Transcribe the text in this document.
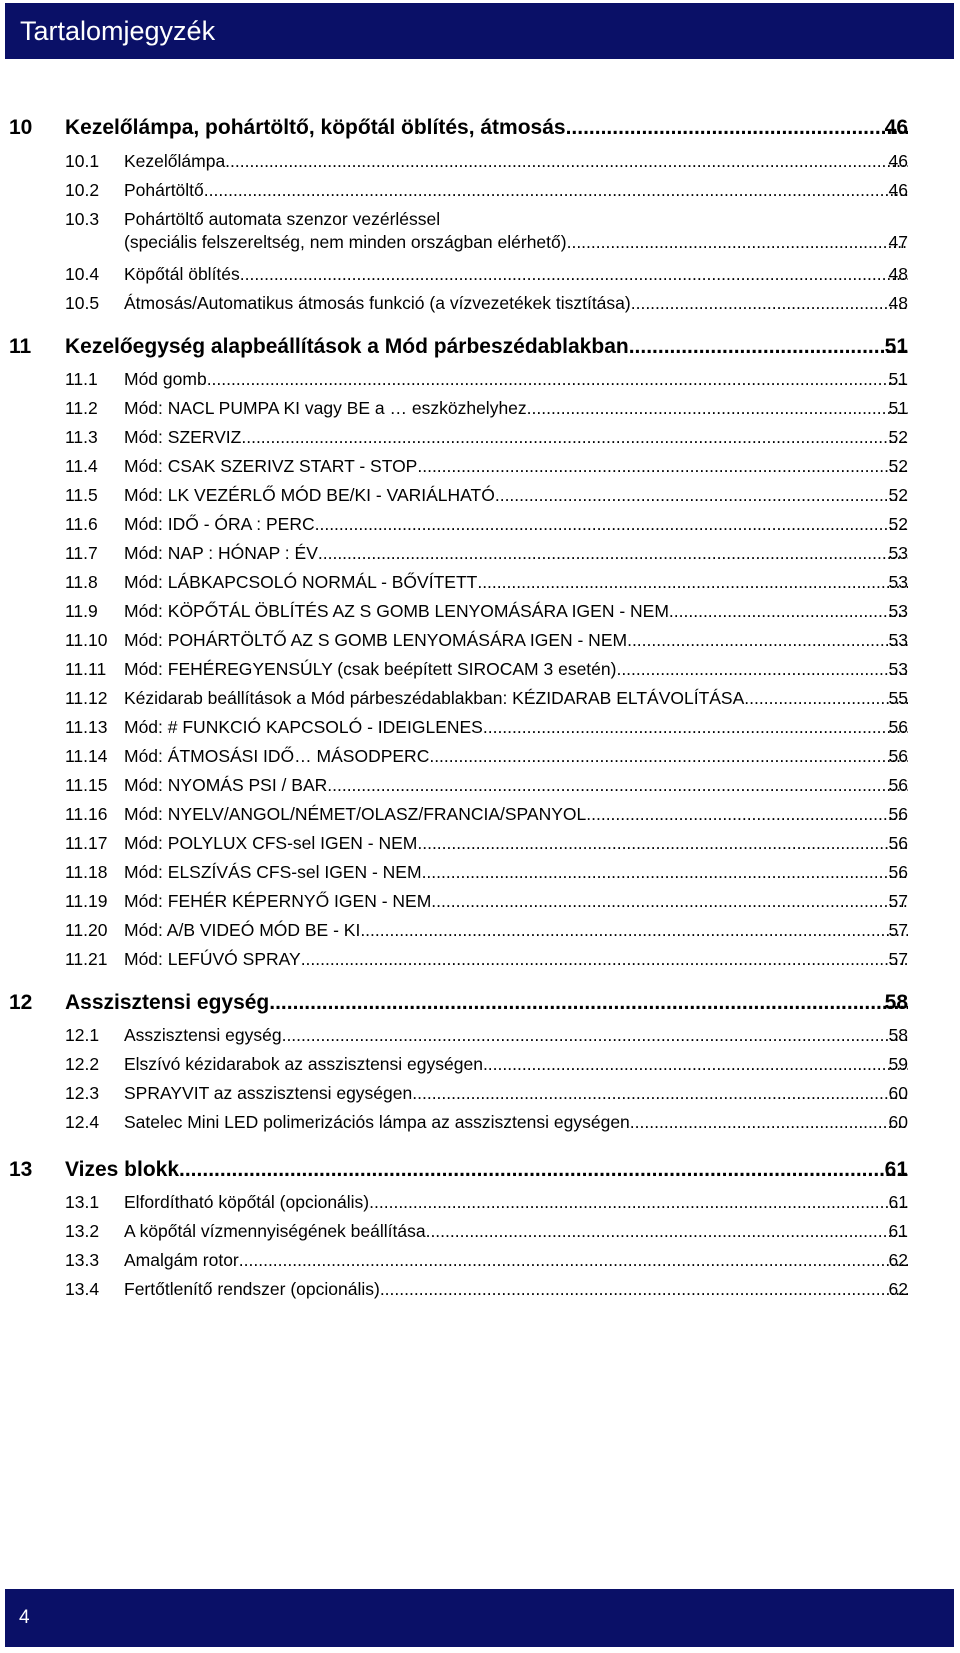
Tartalomjegyzék
10 Kezelőlámpa, pohártöltő, köpőtál öblítés, átmosás .....	46
10.1 Kezelőlámpa .....	46
10.2 Pohártöltő .....	46
10.3 Pohártöltő automata szenzor vezérléssel
(speciális felszereltség, nem minden országban elérhető) .....	47
10.4 Köpőtál öblítés .....	48
10.5 Átmosás/Automatikus átmosás funkció (a vízvezetékek tisztítása) .....	48
11 Kezelőegység alapbeállítások a Mód párbeszédablakban .....	51
11.1 Mód gomb .....	51
11.2 Mód: NACL PUMPA KI vagy BE a … eszközhelyhez .....	51
11.3 Mód: SZERVIZ .....	52
11.4 Mód: CSAK SZERIVZ START - STOP .....	52
11.5 Mód: LK VEZÉRLŐ MÓD BE/KI - VARIÁLHATÓ .....	52
11.6 Mód: IDŐ - ÓRA : PERC .....	52
11.7 Mód: NAP : HÓNAP : ÉV .....	53
11.8 Mód: LÁBKAPCSOLÓ NORMÁL - BŐVÍTETT .....	53
11.9 Mód: KÖPŐTÁL ÖBLÍTÉS AZ S GOMB LENYOMÁSÁRA IGEN - NEM .....	53
11.10 Mód: POHÁRTÖLTŐ AZ S GOMB LENYOMÁSÁRA IGEN - NEM .....	53
11.11 Mód: FEHÉREGYENSÚLY (csak beépített SIROCAM 3 esetén) .....	53
11.12 Kézidarab beállítások a Mód párbeszédablakban: KÉZIDARAB ELTÁVOLÍTÁSA .....	55
11.13 Mód: # FUNKCIÓ KAPCSOLÓ - IDEIGLENES .....	56
11.14 Mód: ÁTMOSÁSI IDŐ… MÁSODPERC .....	56
11.15 Mód: NYOMÁS PSI / BAR .....	56
11.16 Mód: NYELV/ANGOL/NÉMET/OLASZ/FRANCIA/SPANYOL .....	56
11.17 Mód: POLYLUX CFS-sel IGEN - NEM .....	56
11.18 Mód: ELSZÍVÁS CFS-sel IGEN - NEM .....	56
11.19 Mód: FEHÉR KÉPERNYŐ IGEN - NEM .....	57
11.20 Mód: A/B VIDEÓ MÓD BE - KI .....	57
11.21 Mód: LEFÚVÓ SPRAY .....	57
12 Asszisztensi egység .....	58
12.1 Asszisztensi egység .....	58
12.2 Elszívó kézidarabok az asszisztensi egységen .....	59
12.3 SPRAYVIT az asszisztensi egységen .....	60
12.4 Satelec Mini LED polimerizációs lámpa az asszisztensi egységen .....	60
13 Vizes blokk .....	61
13.1 Elfordítható köpőtál (opcionális) .....	61
13.2 A köpőtál vízmennyiségének beállítása .....	61
13.3 Amalgám rotor .....	62
13.4 Fertőtlenítő rendszer (opcionális) .....	62
4
